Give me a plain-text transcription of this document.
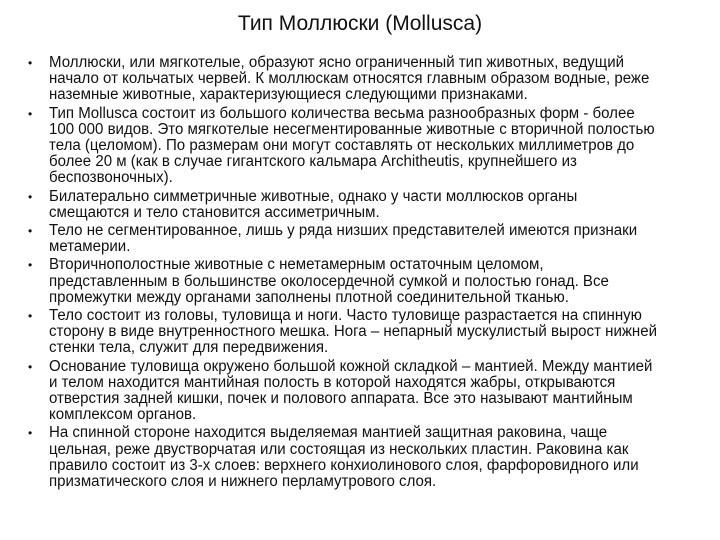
Тип Моллюски (Mollusca)
• Моллюски, или мягкотелые, образуют ясно ограниченный тип животных, ведущий
начало от кольчатых червей. К моллюскам относятся главным образом водные, реже
наземные животные, характеризующиеся следующими признаками.
• Тип Mollusca состоит из большого количества весьма разнообразных форм - более
100 000 видов. Это мягкотелые несегментированные животные с вторичной полостью
тела (целомом). По размерам они могут составлять от нескольких миллиметров до
более 20 м (как в случае гигантского кальмара Architheutis, крупнейшего из
беспозвоночных).
• Билатерально симметричные животные, однако у части моллюсков органы
смещаются и тело становится ассиметричным.
• Тело не сегментированное, лишь у ряда низших представителей имеются признаки
метамерии.
• Вторичнополостные животные с неметамерным остаточным целомом,
представленным в большинстве околосердечной сумкой и полостью гонад. Все
промежутки между органами заполнены плотной соединительной тканью.
• Тело состоит из головы, туловища и ноги. Часто туловище разрастается на спинную
сторону в виде внутренностного мешка. Нога – непарный мускулистый вырост нижней
стенки тела, служит для передвижения.
• Основание туловища окружено большой кожной складкой – мантией. Между мантией
и телом находится мантийная полость в которой находятся жабры, открываются
отверстия задней кишки, почек и полового аппарата. Все это называют мантийным
комплексом органов.
• На спинной стороне находится выделяемая мантией защитная раковина, чаще
цельная, реже двустворчатая или состоящая из нескольких пластин. Раковина как
правило состоит из 3-х слоев: верхнего конхиолинового слоя, фарфоровидного или
призматического слоя и нижнего перламутрового слоя.
